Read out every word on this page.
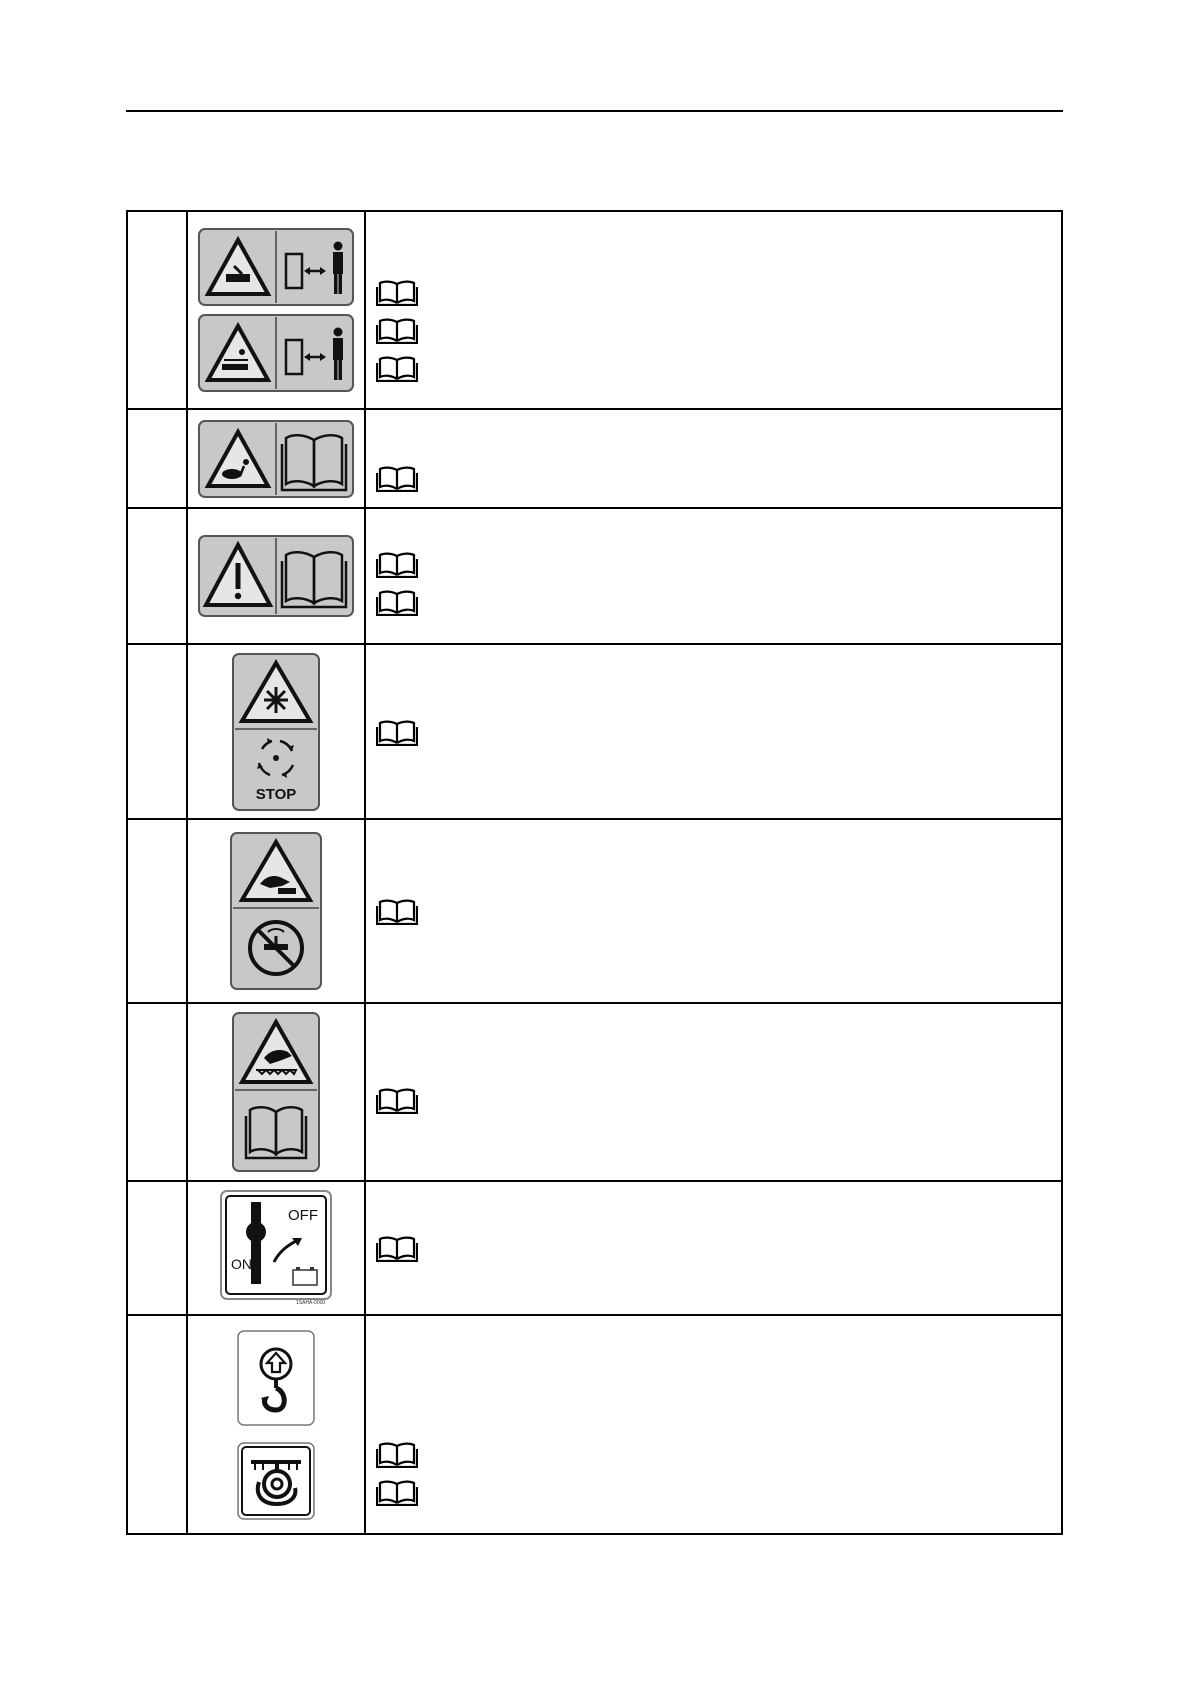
STOP

OFF
ON
1SAHA-0000
